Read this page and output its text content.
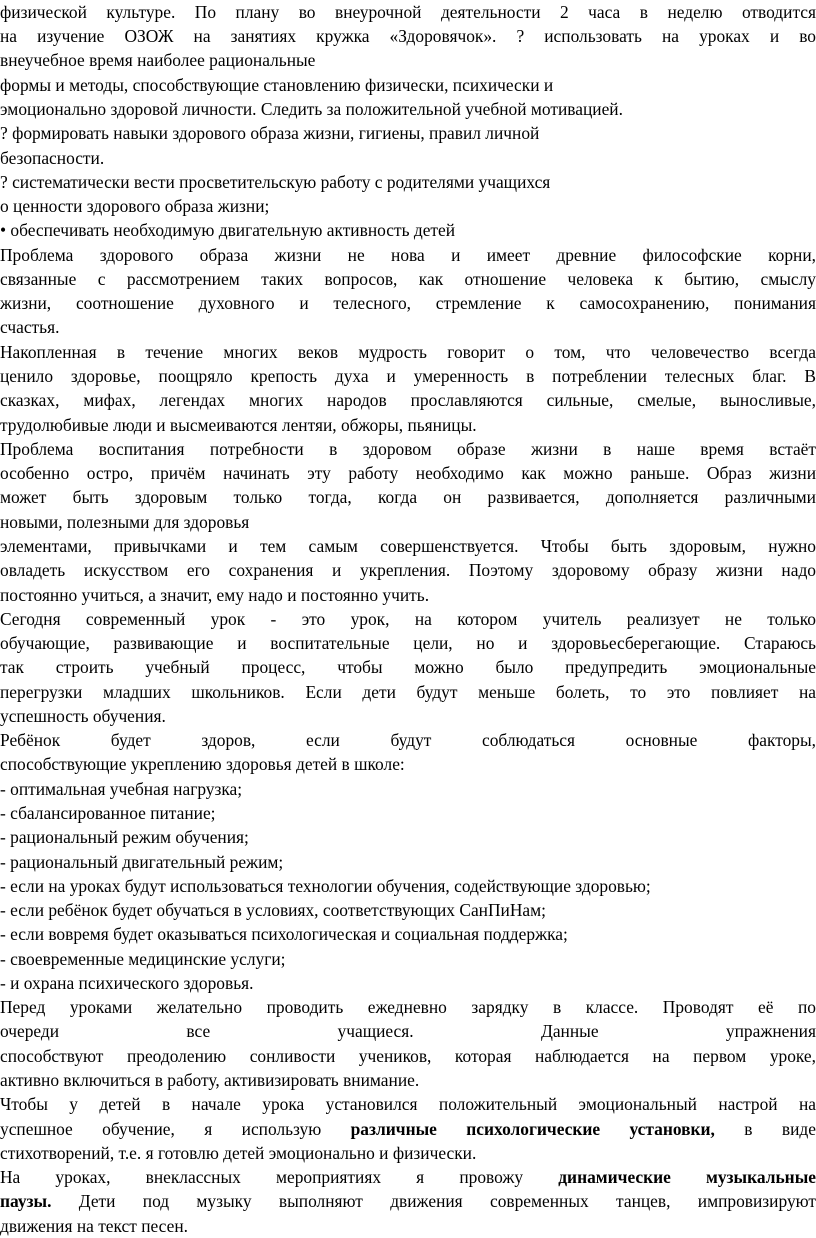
физической культуре. По плану во внеурочной деятельности 2 часа в неделю отводится
на изучение ОЗОЖ на занятиях кружка «Здоровячок». ? использовать на уроках и во
внеучебное время наиболее рациональные
формы и методы, способствующие становлению физически, психически и
эмоционально здоровой личности. Следить за положительной учебной мотивацией.
? формировать навыки здорового образа жизни, гигиены, правил личной
безопасности.
? систематически вести просветительскую работу с родителями учащихся
о ценности здорового образа жизни;
• обеспечивать необходимую двигательную активность детей
Проблема здорового образа жизни не нова и имеет древние философские корни,
связанные с рассмотрением таких вопросов, как отношение человека к бытию, смыслу
жизни, соотношение духовного и телесного, стремление к самосохранению, понимания
счастья.
Накопленная в течение многих веков мудрость говорит о том, что человечество всегда
ценило здоровье, поощряло крепость духа и умеренность в потреблении телесных благ. В
сказках, мифах, легендах многих народов прославляются сильные, смелые, выносливые,
трудолюбивые люди и высмеиваются лентяи, обжоры, пьяницы.
Проблема воспитания потребности в здоровом образе жизни в наше время встаёт
особенно остро, причём начинать эту работу необходимо как можно раньше. Образ жизни
может быть здоровым только тогда, когда он развивается, дополняется различными
новыми, полезными для здоровья
элементами, привычками и тем самым совершенствуется. Чтобы быть здоровым, нужно
овладеть искусством его сохранения и укрепления. Поэтому здоровому образу жизни надо
постоянно учиться, а значит, ему надо и постоянно учить.
Сегодня современный урок - это урок, на котором учитель реализует не только
обучающие, развивающие и воспитательные цели, но и здоровьесберегающие. Стараюсь
так строить учебный процесс, чтобы можно было предупредить эмоциональные
перегрузки младших школьников. Если дети будут меньше болеть, то это повлияет на
успешность обучения.
Ребёнок будет здоров, если будут соблюдаться основные факторы,
способствующие укреплению здоровья детей в школе:
- оптимальная учебная нагрузка;
- сбалансированное питание;
- рациональный режим обучения;
- рациональный двигательный режим;
- если на уроках будут использоваться технологии обучения, содействующие здоровью;
- если ребёнок будет обучаться в условиях, соответствующих СанПиНам;
- если вовремя будет оказываться психологическая и социальная поддержка;
- своевременные медицинские услуги;
- и охрана психического здоровья.
Перед уроками желательно проводить ежедневно зарядку в классе. Проводят её по
очереди все учащиеся. Данные упражнения
способствуют преодолению сонливости учеников, которая наблюдается на первом уроке,
активно включиться в работу, активизировать внимание.
Чтобы у детей в начале урока установился положительный эмоциональный настрой на
успешное обучение, я использую различные психологические установки, в виде
стихотворений, т.е. я готовлю детей эмоционально и физически.
На уроках, внеклассных мероприятиях я провожу динамические музыкальные
паузы. Дети под музыку выполняют движения современных танцев, импровизируют
движения на текст песен.
